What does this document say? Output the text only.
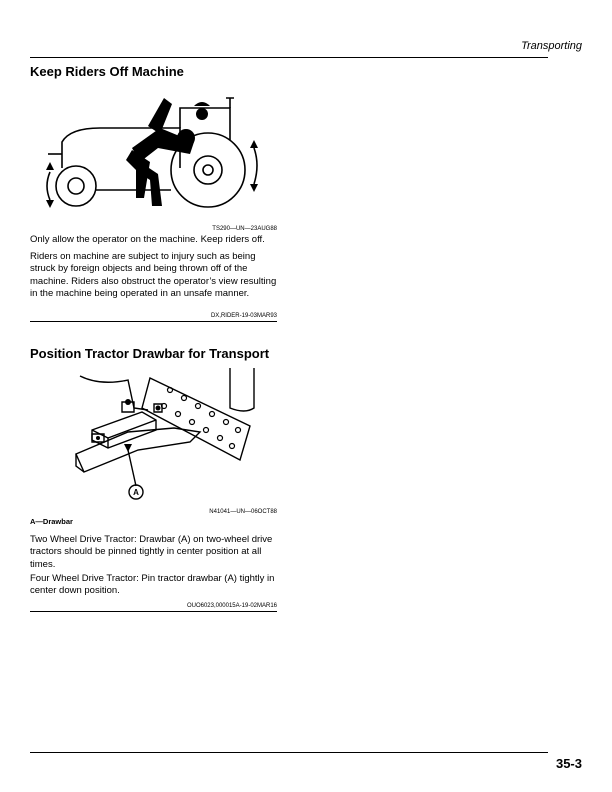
Transporting
Keep Riders Off Machine
TS290—UN—23AUG88
Only allow the operator on the machine. Keep riders off.
Riders on machine are subject to injury such as being struck by foreign objects and being thrown off of the machine. Riders also obstruct the operator’s view resulting in the machine being operated in an unsafe manner.
DX,RIDER-19-03MAR93
Position Tractor Drawbar for Transport
A
N41041—UN—06OCT88
A—Drawbar
Two Wheel Drive Tractor: Drawbar (A) on two-wheel drive tractors should be pinned tightly in center position at all times.
Four Wheel Drive Tractor: Pin tractor drawbar (A) tightly in center down position.
OUO6023,000015A-19-02MAR16
35-3
